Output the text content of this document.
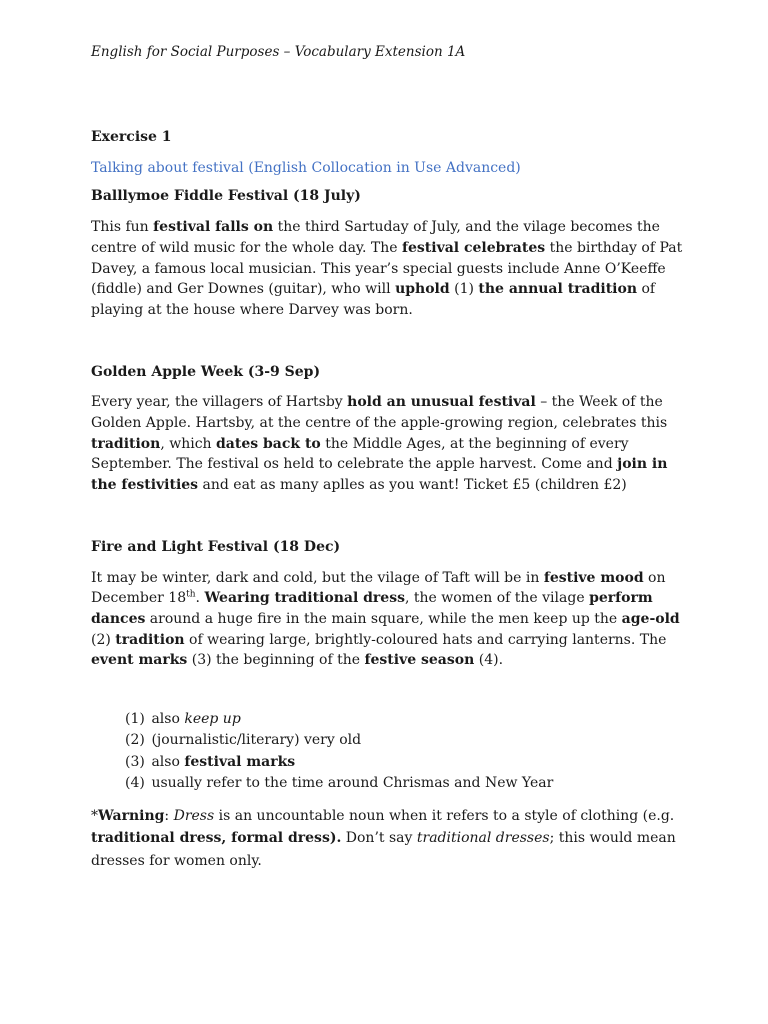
English for Social Purposes – Vocabulary Extension 1A
Exercise 1
Talking about festival (English Collocation in Use Advanced)
Balllymoe Fiddle Festival (18 July)

This fun festival falls on the third Sartuday of July, and the vilage becomes the centre of wild music for the whole day. The festival celebrates the birthday of Pat Davey, a famous local musician. This year’s special guests include Anne O’Keeffe (fiddle) and Ger Downes (guitar), who will uphold (1) the annual tradition of playing at the house where Darvey was born.

Golden Apple Week (3-9 Sep)

Every year, the villagers of Hartsby hold an unusual festival – the Week of the Golden Apple. Hartsby, at the centre of the apple-growing region, celebrates this tradition, which dates back to the Middle Ages, at the beginning of every September. The festival os held to celebrate the apple harvest. Come and join in the festivities and eat as many aplles as you want! Ticket £5 (children £2)

Fire and Light Festival (18 Dec)

It may be winter, dark and cold, but the vilage of Taft will be in festive mood on December 18th. Wearing traditional dress, the women of the vilage perform dances around a huge fire in the main square, while the men keep up the age-old (2) tradition of wearing large, brightly-coloured hats and carrying lanterns. The event marks (3) the beginning of the festive season (4).

(1) also keep up
(2) (journalistic/literary) very old
(3) also festival marks
(4) usually refer to the time around Chrismas and New Year

*Warning: Dress is an uncountable noun when it refers to a style of clothing (e.g. traditional dress, formal dress). Don’t say traditional dresses; this would mean dresses for women only.
